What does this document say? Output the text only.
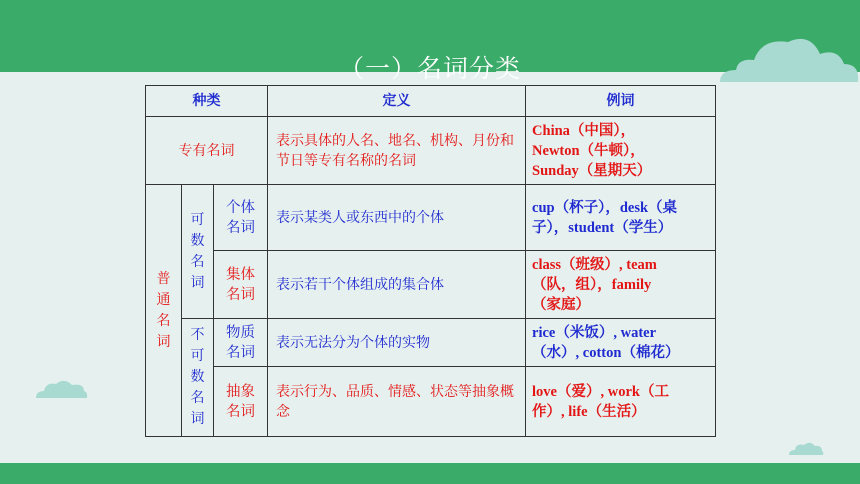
（一）名词分类
种类			定义	例词
专有名词			表示具体的人名、地名、机构、月份和节日等专有名称的名词	China（中国），
Newton（牛顿），
Sunday（星期天）

普通名词	可数名词	个体名词	表示某类人或东西中的个体	cup（杯子），desk（桌
子），student（学生）

		集体名词	表示若干个体组成的集合体	class（班级）, team
（队，组），family
（家庭）

	不可数名词	物质名词	表示无法分为个体的实物	rice（米饭）, water
（水）, cotton（棉花）

		抽象名词	表示行为、品质、情感、状态等抽象概念	love（爱）, work（工
作）, life（生活）
